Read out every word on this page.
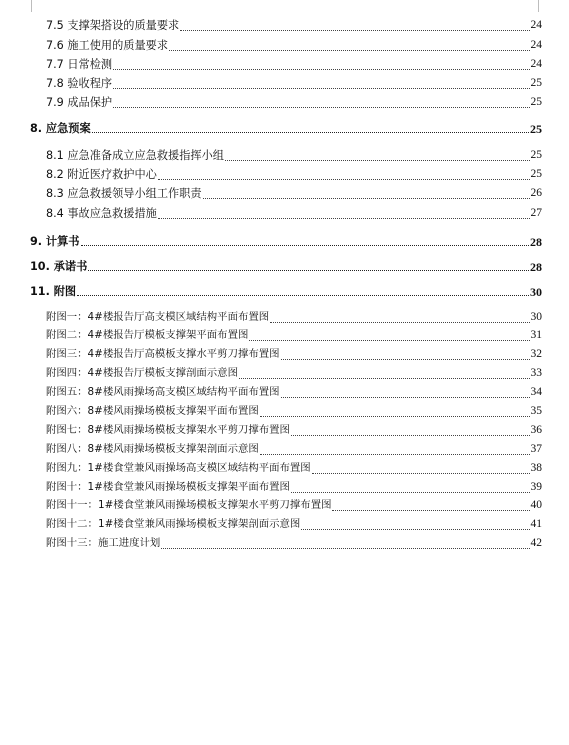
7.5 支撑架搭设的质量要求	24
7.6 施工使用的质量要求	24
7.7 日常检测	24
7.8 验收程序	25
7.9 成品保护	25
8. 应急预案	25
8.1 应急准备成立应急救援指挥小组	25
8.2 附近医疗救护中心	25
8.3 应急救援领导小组工作职责	26
8.4 事故应急救援措施	27
9. 计算书	28
10. 承诺书	28
11. 附图	30
附图一：4#楼报告厅高支模区域结构平面布置图	30
附图二：4#楼报告厅模板支撑架平面布置图	31
附图三：4#楼报告厅高模板支撑水平剪刀撑布置图	32
附图四：4#楼报告厅模板支撑剖面示意图	33
附图五：8#楼风雨操场高支模区域结构平面布置图	34
附图六：8#楼风雨操场模板支撑架平面布置图	35
附图七：8#楼风雨操场模板支撑架水平剪刀撑布置图	36
附图八：8#楼风雨操场模板支撑架剖面示意图	37
附图九：1#楼食堂兼风雨操场高支模区域结构平面布置图	38
附图十：1#楼食堂兼风雨操场模板支撑架平面布置图	39
附图十一：1#楼食堂兼风雨操场模板支撑架水平剪刀撑布置图	40
附图十二：1#楼食堂兼风雨操场模板支撑架剖面示意图	41
附图十三：施工进度计划	42
